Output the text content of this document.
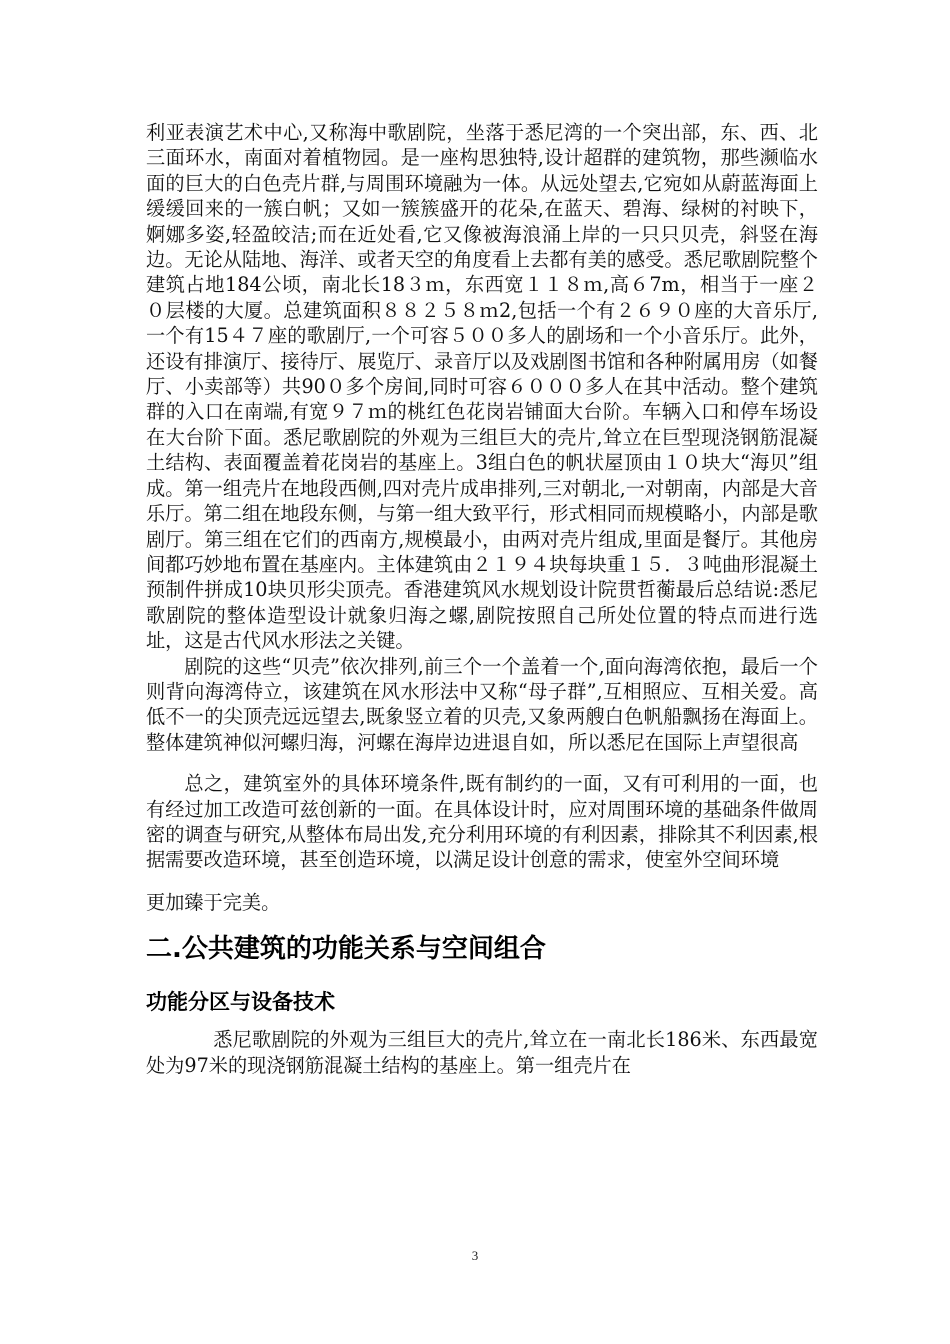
利亚表演艺术中心,又称海中歌剧院，坐落于悉尼湾的一个突出部，东、西、北三面环水，南面对着植物园。是一座构思独特,设计超群的建筑物，那些濒临水面的巨大的白色壳片群,与周围环境融为一体。从远处望去,它宛如从蔚蓝海面上缓缓回来的一簇白帆；又如一簇簇盛开的花朵,在蓝天、碧海、绿树的衬映下，婀娜多姿,轻盈皎洁;而在近处看,它又像被海浪涌上岸的一只只贝壳，斜竖在海边。无论从陆地、海洋、或者天空的角度看上去都有美的感受。悉尼歌剧院整个建筑占地184公顷，南北长18３ｍ，东西宽１１８ｍ,高６7m，相当于一座２０层楼的大厦。总建筑面积８８２５８ｍ2,包括一个有２６９０座的大音乐厅,一个有15４７座的歌剧厅,一个可容５００多人的剧场和一个小音乐厅。此外，还设有排演厅、接待厅、展览厅、录音厅以及戏剧图书馆和各种附属用房（如餐厅、小卖部等）共90０多个房间,同时可容６０００多人在其中活动。整个建筑群的入口在南端,有宽９７ｍ的桃红色花岗岩铺面大台阶。车辆入口和停车场设在大台阶下面。悉尼歌剧院的外观为三组巨大的壳片,耸立在巨型现浇钢筋混凝土结构、表面覆盖着花岗岩的基座上。3组白色的帆状屋顶由１０块大“海贝”组成。第一组壳片在地段西侧,四对壳片成串排列,三对朝北,一对朝南，内部是大音乐厅。第二组在地段东侧，与第一组大致平行，形式相同而规模略小，内部是歌剧厅。第三组在它们的西南方,规模最小，由两对壳片组成,里面是餐厅。其他房间都巧妙地布置在基座内。主体建筑由２１９４块每块重１５．３吨曲形混凝土预制件拼成10块贝形尖顶壳。香港建筑风水规划设计院贯哲蘅最后总结说:悉尼歌剧院的整体造型设计就象归海之螺,剧院按照自己所处位置的特点而进行选址，这是古代风水形法之关键。

剧院的这些“贝壳”依次排列,前三个一个盖着一个,面向海湾依抱，最后一个则背向海湾侍立，该建筑在风水形法中又称“母子群”,互相照应、互相关爱。高低不一的尖顶壳远远望去,既象竖立着的贝壳,又象两艘白色帆船飘扬在海面上。整体建筑神似河螺归海，河螺在海岸边进退自如，所以悉尼在国际上声望很高

总之，建筑室外的具体环境条件,既有制约的一面，又有可利用的一面，也有经过加工改造可兹创新的一面。在具体设计时，应对周围环境的基础条件做周密的调查与研究,从整体布局出发,充分利用环境的有利因素，排除其不利因素,根据需要改造环境，甚至创造环境，以满足设计创意的需求，使室外空间环境

更加臻于完美。

二.公共建筑的功能关系与空间组合
功能分区与设备技术

悉尼歌剧院的外观为三组巨大的壳片,耸立在一南北长186米、东西最宽处为97米的现浇钢筋混凝土结构的基座上。第一组壳片在

3
